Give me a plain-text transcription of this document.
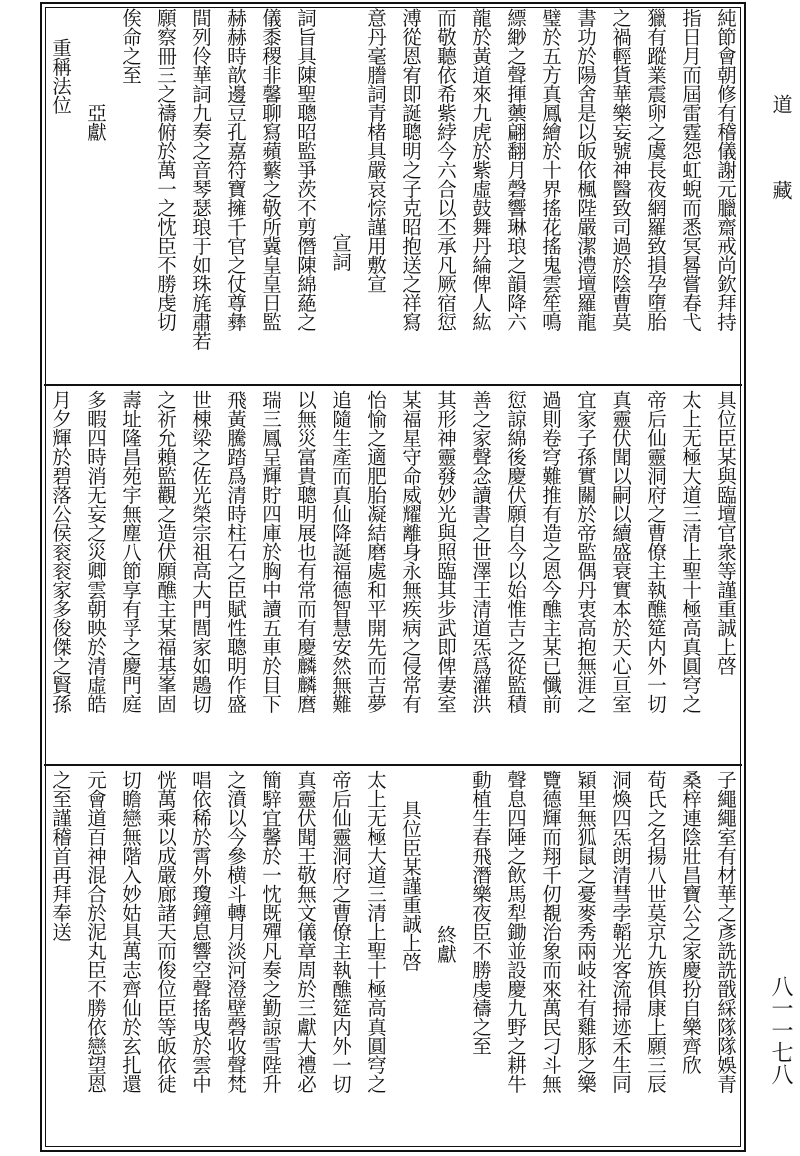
純節會朝修有稽儀謝元臘齋戒尚欽拜持
指日月而屆雷霆怨虹蜺而悉冥晷嘗春弋
獵有蹤業震卵之虞長夜網羅致損孕墮胎
之禍輕貨華樂妄號神醫致司過於陰曹莫
書功於陽舍是以皈依楓陛嚴潔澧壇羅龍
璧於五方真鳳繪於十界搖花搖鬼雲笙鳴
縹緲之聲揮蘌翩翻月磬響琳琅之韻降六
龍於黃道來九虎於紫虛鼓舞丹綸俾人紘
而敬聽依希紫綍今六合以丕承凡厥宿愆
溥從恩宥即誕聰明之子克昭抱送之祥寫
意丹毫謄詞青楮具嚴哀悰謹用敷宣
宣詞
詞旨具陳聖聰昭監爭茨不剪僭陳綿蕝之
儀黍稷非馨聊寫蘋蘩之敬所冀皇皇日監
赫赫時歆邊豆孔嘉符寶擁千官之仗尊彝
間列伶華詞九奏之音琴瑟琅于如珠旄肅若
願察冊三之禱俯於萬一之忱臣不勝虔切
俟命之至
亞獻
重稱法位
具位臣某與臨壇官衆等謹重誠上啓
太上无極大道三清上聖十極高真圓穹之
帝后仙靈洞府之曹僚主執醮筵内外一切
真靈伏聞以嗣以續盛衰實本於天心亘室
宜家子孫實關於帝監偶丹衷高抱無涯之
過則卷穹難推有造之恩今醮主某已懺前
愆諒綿後慶伏願自今以始惟吉之從監積
善之家聲念讀書之世澤王清道炁爲灌洪
其形神靈發妙光與照臨其步武即俾妻室
某福星守命威耀離身永無疾病之侵常有
怡愉之適肥胎凝結磨處和平開先而吉夢
追隨生產而真仙降誕福德智慧安然無難
以無災富貴聰明展也有常而有慶麟麟麿
瑞三鳳呈輝貯四庫於胸中讀五車於目下
飛黃騰踏爲清時柱石之臣賦性聰明作盛
世棟梁之佐光榮宗祖高大門閭家如鶗切
之祈允賴監觀之造伏願醮主某福基峯固
壽址隆昌苑宇無塵八節享有孚之慶門庭
多暇四時消无妄之災卿雲朝映於清虛皓
月夕輝於碧落公侯衮衮家多俊傑之賢孫
子繩繩室有材華之彥詵詵戩綵隊隊娛青
桑梓連陰壯昌寶公之家慶扮自樂齊欣
荀氏之名揚八世莫京九族俱康上願三辰
洞煥四炁朗清彗孛韜光客流掃迹禾生同
穎里無狐鼠之憂麥秀兩岐社有雞豚之樂
覽德輝而翔千仞覩治象而來萬民刁斗無
聲息四陲之飲馬犁鋤並設慶九野之耕牛
動植生春飛潛樂夜臣不勝虔禱之至
終獻
具位臣某謹重誠上啓
太上无極大道三清上聖十極高真圓穹之
帝后仙靈洞府之曹僚主執醮筵内外一切
真靈伏聞王敬無文儀章周於三獻大禮必
簡騂宜馨於一忱既殫凡奏之勤諒雪陛升
之濆以今參横斗轉月淡河澄壁磬收聲梵
唱依稀於霄外瓊鐘息響空聲搖曳於雲中
恍萬乘以成嚴廊諸天而俊位臣等皈依徒
切瞻戀無階入妙姑具萬志齊仙於玄扎還
元會道百神混合於泥丸臣不勝依戀望恩
之至謹稽首再拜奉送
道
藏
八一一七八
